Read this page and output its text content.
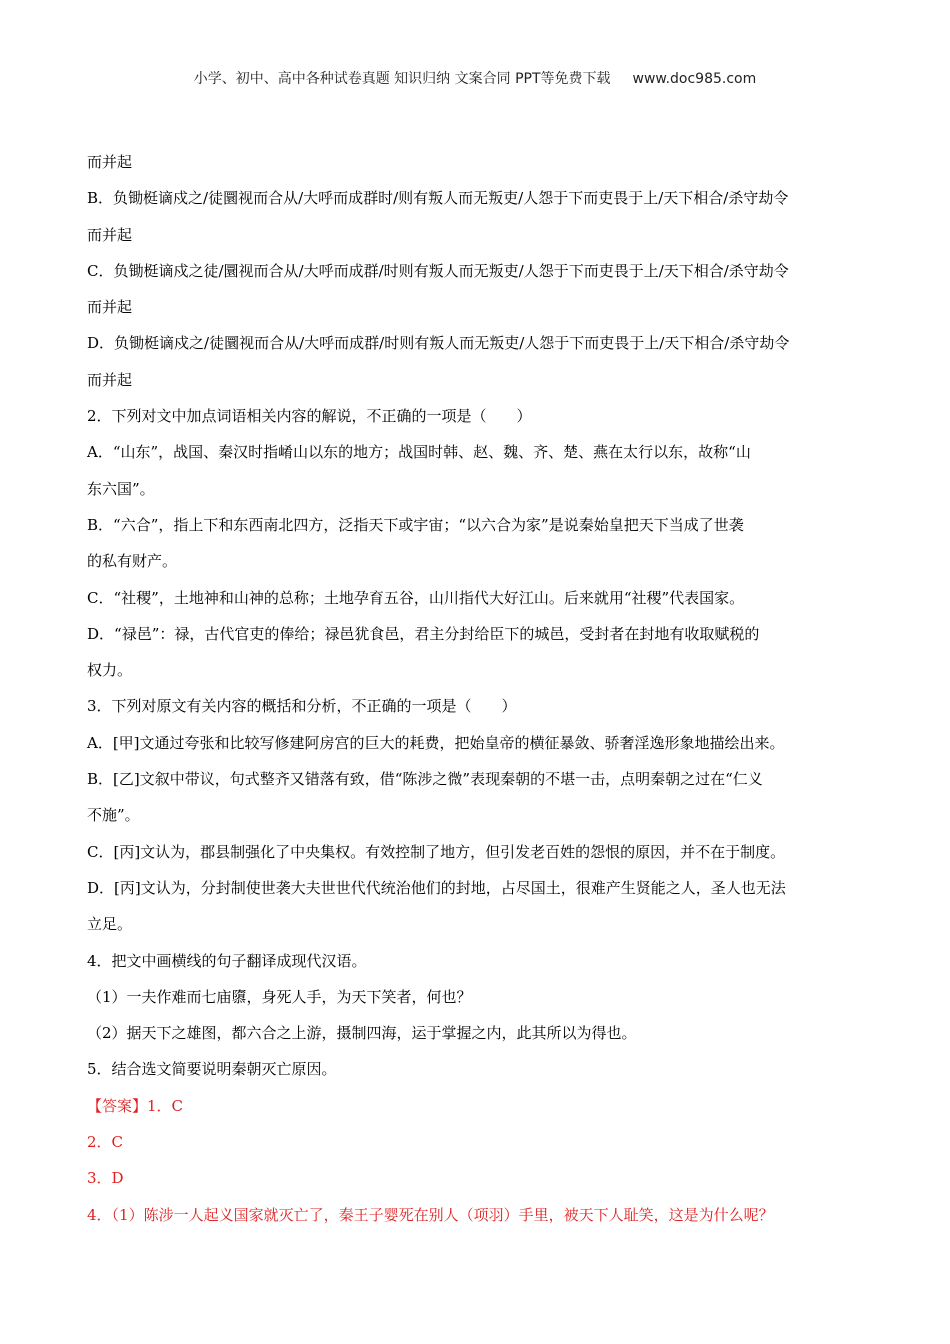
小学、初中、高中各种试卷真题 知识归纳 文案合同 PPT等免费下载 www.doc985.com
而并起
B．负锄梃谪戍之/徒圜视而合从/大呼而成群时/则有叛人而无叛吏/人怨于下而吏畏于上/天下相合/杀守劫令
而并起
C．负锄梃谪戍之徒/圜视而合从/大呼而成群/时则有叛人而无叛吏/人怨于下而吏畏于上/天下相合/杀守劫令
而并起
D．负锄梃谪戍之/徒圜视而合从/大呼而成群/时则有叛人而无叛吏/人怨于下而吏畏于上/天下相合/杀守劫令
而并起
2．下列对文中加点词语相关内容的解说，不正确的一项是（　　）
A．“山东”，战国、秦汉时指崤山以东的地方；战国时韩、赵、魏、齐、楚、燕在太行以东，故称“山
东六国”。
B．“六合”，指上下和东西南北四方，泛指天下或宇宙；“以六合为家”是说秦始皇把天下当成了世袭
的私有财产。
C．“社稷”，土地神和山神的总称；土地孕育五谷，山川指代大好江山。后来就用“社稷”代表国家。
D．“禄邑”：禄，古代官吏的俸给；禄邑犹食邑，君主分封给臣下的城邑，受封者在封地有收取赋税的
权力。
3．下列对原文有关内容的概括和分析，不正确的一项是（　　）
A．[甲]文通过夸张和比较写修建阿房宫的巨大的耗费，把始皇帝的横征暴敛、骄奢淫逸形象地描绘出来。
B．[乙]文叙中带议，句式整齐又错落有致，借“陈涉之微”表现秦朝的不堪一击，点明秦朝之过在“仁义
不施”。
C．[丙]文认为，郡县制强化了中央集权。有效控制了地方，但引发老百姓的怨恨的原因，并不在于制度。
D．[丙]文认为，分封制使世袭大夫世世代代统治他们的封地，占尽国土，很难产生贤能之人，圣人也无法
立足。
4．把文中画横线的句子翻译成现代汉语。
（1）一夫作难而七庙隳，身死人手，为天下笑者，何也？
（2）据天下之雄图，都六合之上游，摄制四海，运于掌握之内，此其所以为得也。
5．结合选文简要说明秦朝灭亡原因。
【答案】1．C
2．C
3．D
4．（1）陈涉一人起义国家就灭亡了，秦王子婴死在别人（项羽）手里，被天下人耻笑，这是为什么呢？
